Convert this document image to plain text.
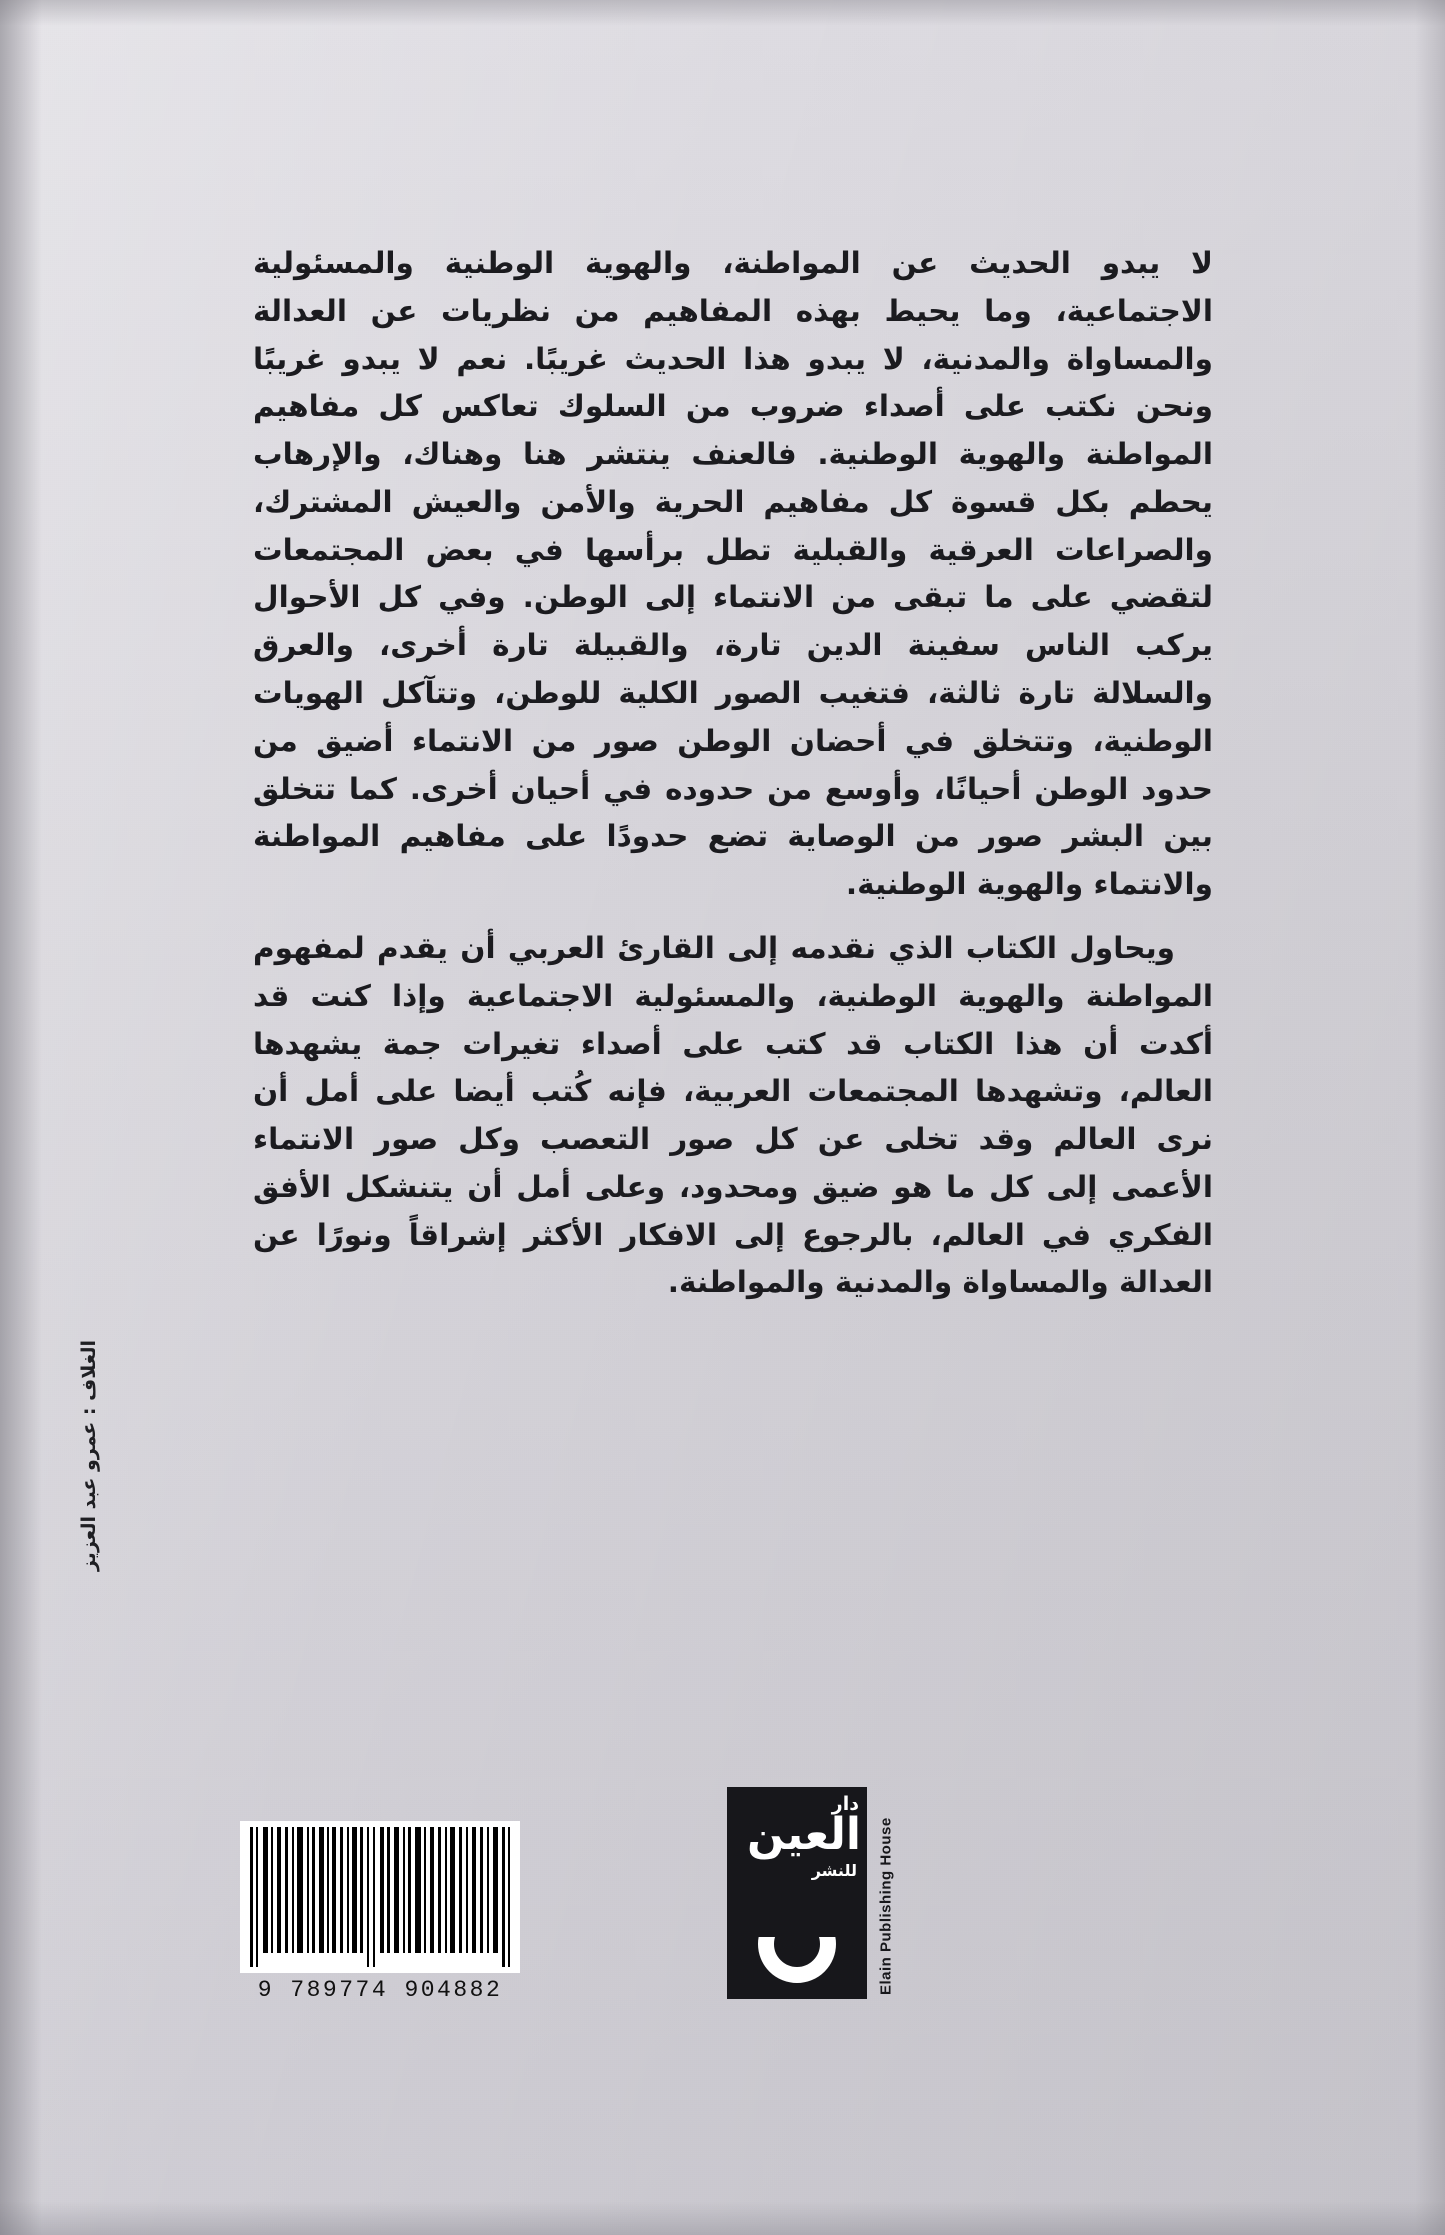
لا يبدو الحديث عن المواطنة، والهوية الوطنية والمسئولية الاجتماعية، وما يحيط بهذه المفاهيم من نظريات عن العدالة والمساواة والمدنية، لا يبدو هذا الحديث غريبًا. نعم لا يبدو غريبًا ونحن نكتب على أصداء ضروب من السلوك تعاكس كل مفاهيم المواطنة والهوية الوطنية. فالعنف ينتشر هنا وهناك، والإرهاب يحطم بكل قسوة كل مفاهيم الحرية والأمن والعيش المشترك، والصراعات العرقية والقبلية تطل برأسها في بعض المجتمعات لتقضي على ما تبقى من الانتماء إلى الوطن. وفي كل الأحوال يركب الناس سفينة الدين تارة، والقبيلة تارة أخرى، والعرق والسلالة تارة ثالثة، فتغيب الصور الكلية للوطن، وتتآكل الهويات الوطنية، وتتخلق في أحضان الوطن صور من الانتماء أضيق من حدود الوطن أحيانًا، وأوسع من حدوده في أحيان أخرى. كما تتخلق بين البشر صور من الوصاية تضع حدودًا على مفاهيم المواطنة والانتماء والهوية الوطنية.

ويحاول الكتاب الذي نقدمه إلى القارئ العربي أن يقدم لمفهوم المواطنة والهوية الوطنية، والمسئولية الاجتماعية وإذا كنت قد أكدت أن هذا الكتاب قد كتب على أصداء تغيرات جمة يشهدها العالم، وتشهدها المجتمعات العربية، فإنه كُتب أيضا على أمل أن نرى العالم وقد تخلى عن كل صور التعصب وكل صور الانتماء الأعمى إلى كل ما هو ضيق ومحدود، وعلى أمل أن يتنشكل الأفق الفكري في العالم، بالرجوع إلى الافكار الأكثر إشراقاً ونورًا عن العدالة والمساواة والمدنية والمواطنة.

الغلاف : عمرو عبد العزيز
9 789774 904882	Elain Publishing House
دار
العين
للنشر
